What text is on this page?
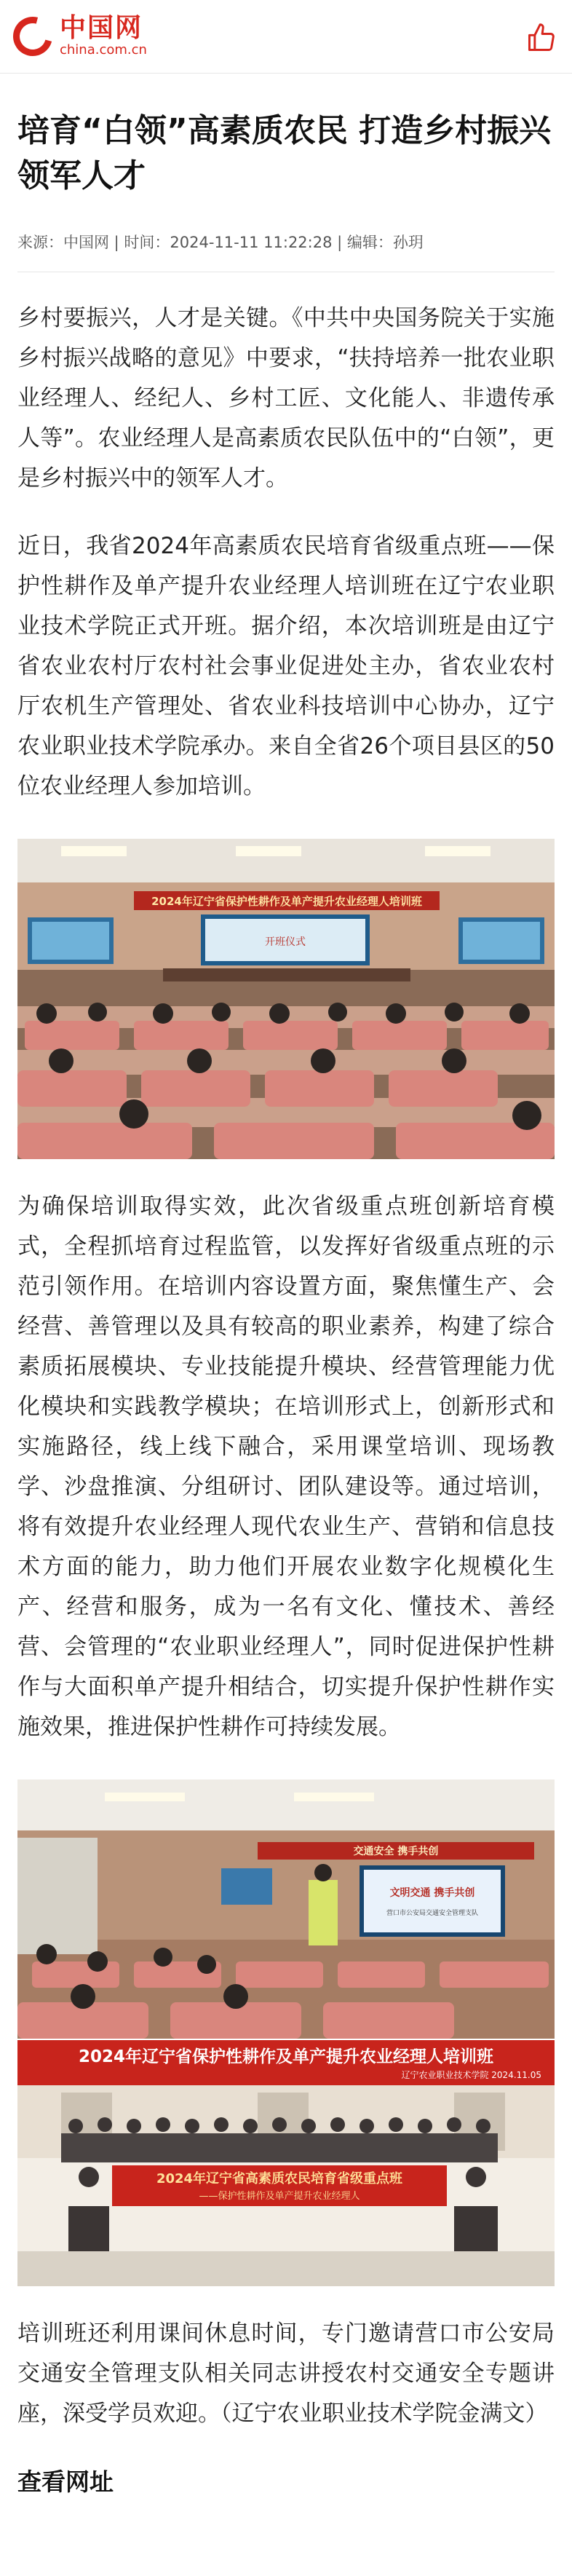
中国网
china.com.cn
培育“白领”高素质农民 打造乡村振兴领军人才
来源：中国网 | 时间：2024-11-11 11:22:28 | 编辑：孙玥
乡村要振兴，人才是关键。《中共中央国务院关于实施乡村振兴战略的意见》中要求，“扶持培养一批农业职业经理人、经纪人、乡村工匠、文化能人、非遗传承人等”。农业经理人是高素质农民队伍中的“白领”，更是乡村振兴中的领军人才。
近日，我省2024年高素质农民培育省级重点班——保护性耕作及单产提升农业经理人培训班在辽宁农业职业技术学院正式开班。据介绍，本次培训班是由辽宁省农业农村厅农村社会事业促进处主办，省农业农村厅农机生产管理处、省农业科技培训中心协办，辽宁农业职业技术学院承办。来自全省26个项目县区的50位农业经理人参加培训。
2024年辽宁省保护性耕作及单产提升农业经理人培训班
开班仪式
为确保培训取得实效，此次省级重点班创新培育模式，全程抓培育过程监管，以发挥好省级重点班的示范引领作用。在培训内容设置方面，聚焦懂生产、会经营、善管理以及具有较高的职业素养，构建了综合素质拓展模块、专业技能提升模块、经营管理能力优化模块和实践教学模块；在培训形式上，创新形式和实施路径，线上线下融合，采用课堂培训、现场教学、沙盘推演、分组研讨、团队建设等。通过培训，将有效提升农业经理人现代农业生产、营销和信息技术方面的能力，助力他们开展农业数字化规模化生产、经营和服务，成为一名有文化、懂技术、善经营、会管理的“农业职业经理人”，同时促进保护性耕作与大面积单产提升相结合，切实提升保护性耕作实施效果，推进保护性耕作可持续发展。
交通安全 携手共创
文明交通 携手共创
营口市公安局交通安全管理支队
2024年辽宁省保护性耕作及单产提升农业经理人培训班
辽宁农业职业技术学院 2024.11.05
2024年辽宁省高素质农民培育省级重点班
——保护性耕作及单产提升农业经理人
培训班还利用课间休息时间，专门邀请营口市公安局交通安全管理支队相关同志讲授农村交通安全专题讲座，深受学员欢迎。（辽宁农业职业技术学院金满文）
查看网址
